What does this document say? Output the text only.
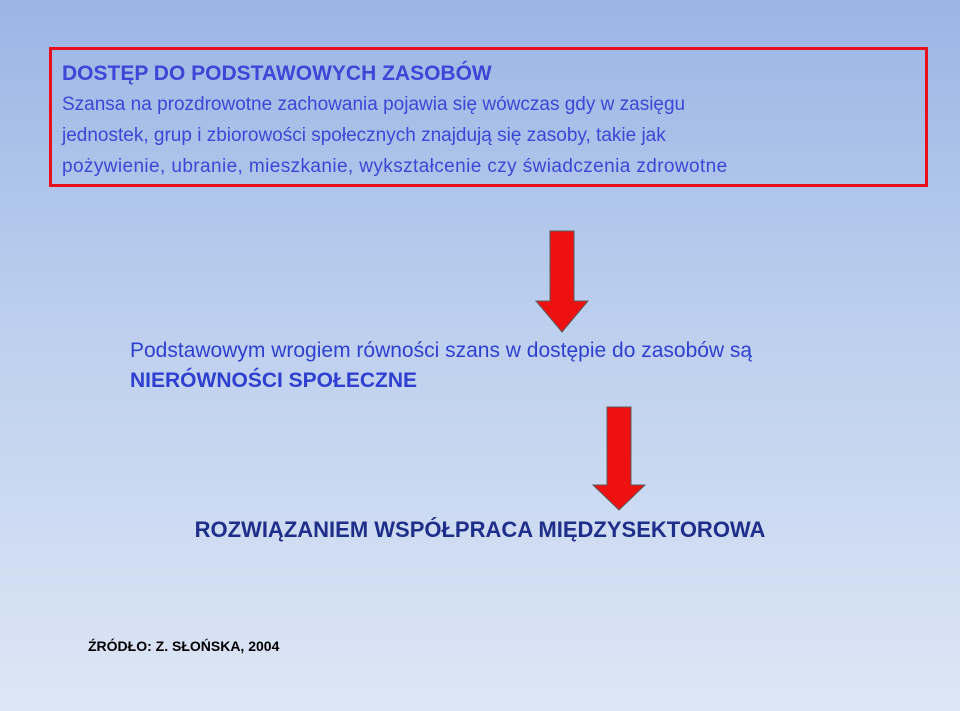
DOSTĘP DO PODSTAWOWYCH ZASOBÓW
Szansa na prozdrowotne zachowania pojawia się wówczas gdy w zasięgu
jednostek, grup i zbiorowości społecznych znajdują się zasoby, takie jak
pożywienie, ubranie, mieszkanie, wykształcenie czy świadczenia zdrowotne
Podstawowym wrogiem równości szans w dostępie do zasobów są
NIERÓWNOŚCI SPOŁECZNE
ROZWIĄZANIEM WSPÓŁPRACA MIĘDZYSEKTOROWA
ŹRÓDŁO: Z. SŁOŃSKA, 2004
